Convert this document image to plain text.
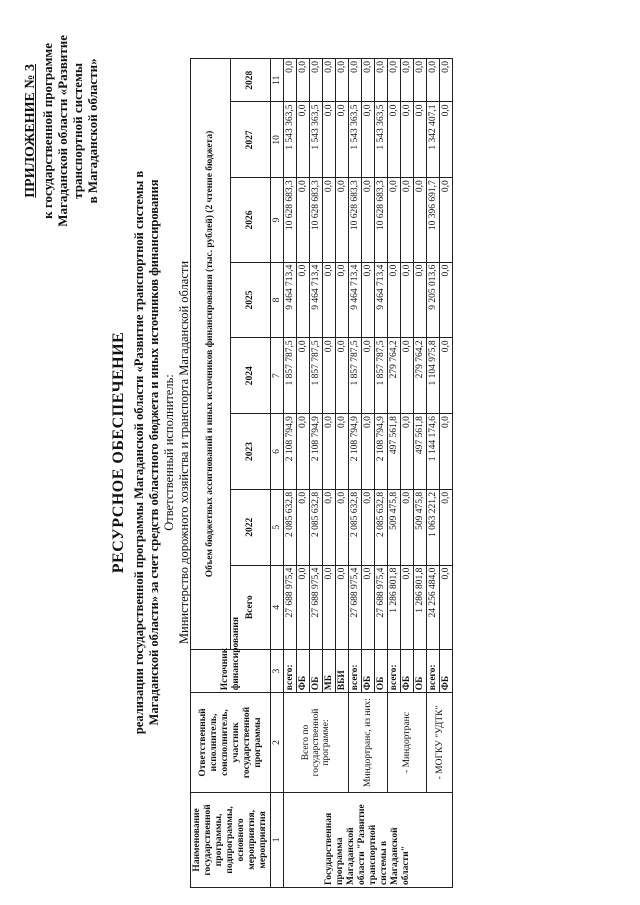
ПРИЛОЖЕНИЕ № 3 к государственной программе Магаданской области «Развитие транспортной системы в Магаданской области»
РЕСУРСНОЕ ОБЕСПЕЧЕНИЕ реализации государственной программы Магаданской области «Развитие транспортной системы в Магаданской области» за счет средств областного бюджета и иных источников финансирования Ответственный исполнитель: Министерство дорожного хозяйства и транспорта Магаданской области
Наименование государственной программы, подпрограммы, основного мероприятия, мероприятия	Ответственный исполнитель, соисполнитель, участник государственной программы	Источник финансирования	Объем бюджетных ассигнований и иных источников финансирования (тыс. рублей) (2 чтение бюджета)							
			Всего	2022	2023	2024	2025	2026	2027	2028
1	2	3	4	5	6	7	8	9	10	11
Государственная программа Магаданской области "Развитие транспортной системы в Магаданской области"	Всего по государственной программе:	всего:	27 688 975,4	2 085 632,8	2 108 794,9	1 857 787,5	9 464 713,4	10 628 683,3	1 543 363,5	0,0
		ФБ	0,0	0,0	0,0	0,0	0,0	0,0	0,0	0,0
		ОБ	27 688 975,4	2 085 632,8	2 108 794,9	1 857 787,5	9 464 713,4	10 628 683,3	1 543 363,5	0,0
		МБ	0,0	0,0	0,0	0,0	0,0	0,0	0,0	0,0
		ВБИ	0,0	0,0	0,0	0,0	0,0	0,0	0,0	0,0
	Миндортранс, из них:	всего:	27 688 975,4	2 085 632,8	2 108 794,9	1 857 787,5	9 464 713,4	10 628 683,3	1 543 363,5	0,0
		ФБ	0,0	0,0	0,0	0,0	0,0	0,0	0,0	0,0
		ОБ	27 688 975,4	2 085 632,8	2 108 794,9	1 857 787,5	9 464 713,4	10 628 683,3	1 543 363,5	0,0
	- Миндортранс	всего:	1 286 801,8	509 475,8	497 561,8	279 764,2	0,0	0,0	0,0	0,0
		ФБ	0,0	0,0	0,0	0,0	0,0	0,0	0,0	0,0
		ОБ	1 286 801,8	509 475,8	497 561,8	279 764,2	0,0	0,0	0,0	0,0
	- МОГКУ "УДТК"	всего:	24 256 484,0	1 063 221,2	1 144 174,6	1 104 975,8	9 205 013,6	10 396 691,7	1 342 407,1	0,0
		ФБ	0,0	0,0	0,0	0,0	0,0	0,0	0,0	0,0
